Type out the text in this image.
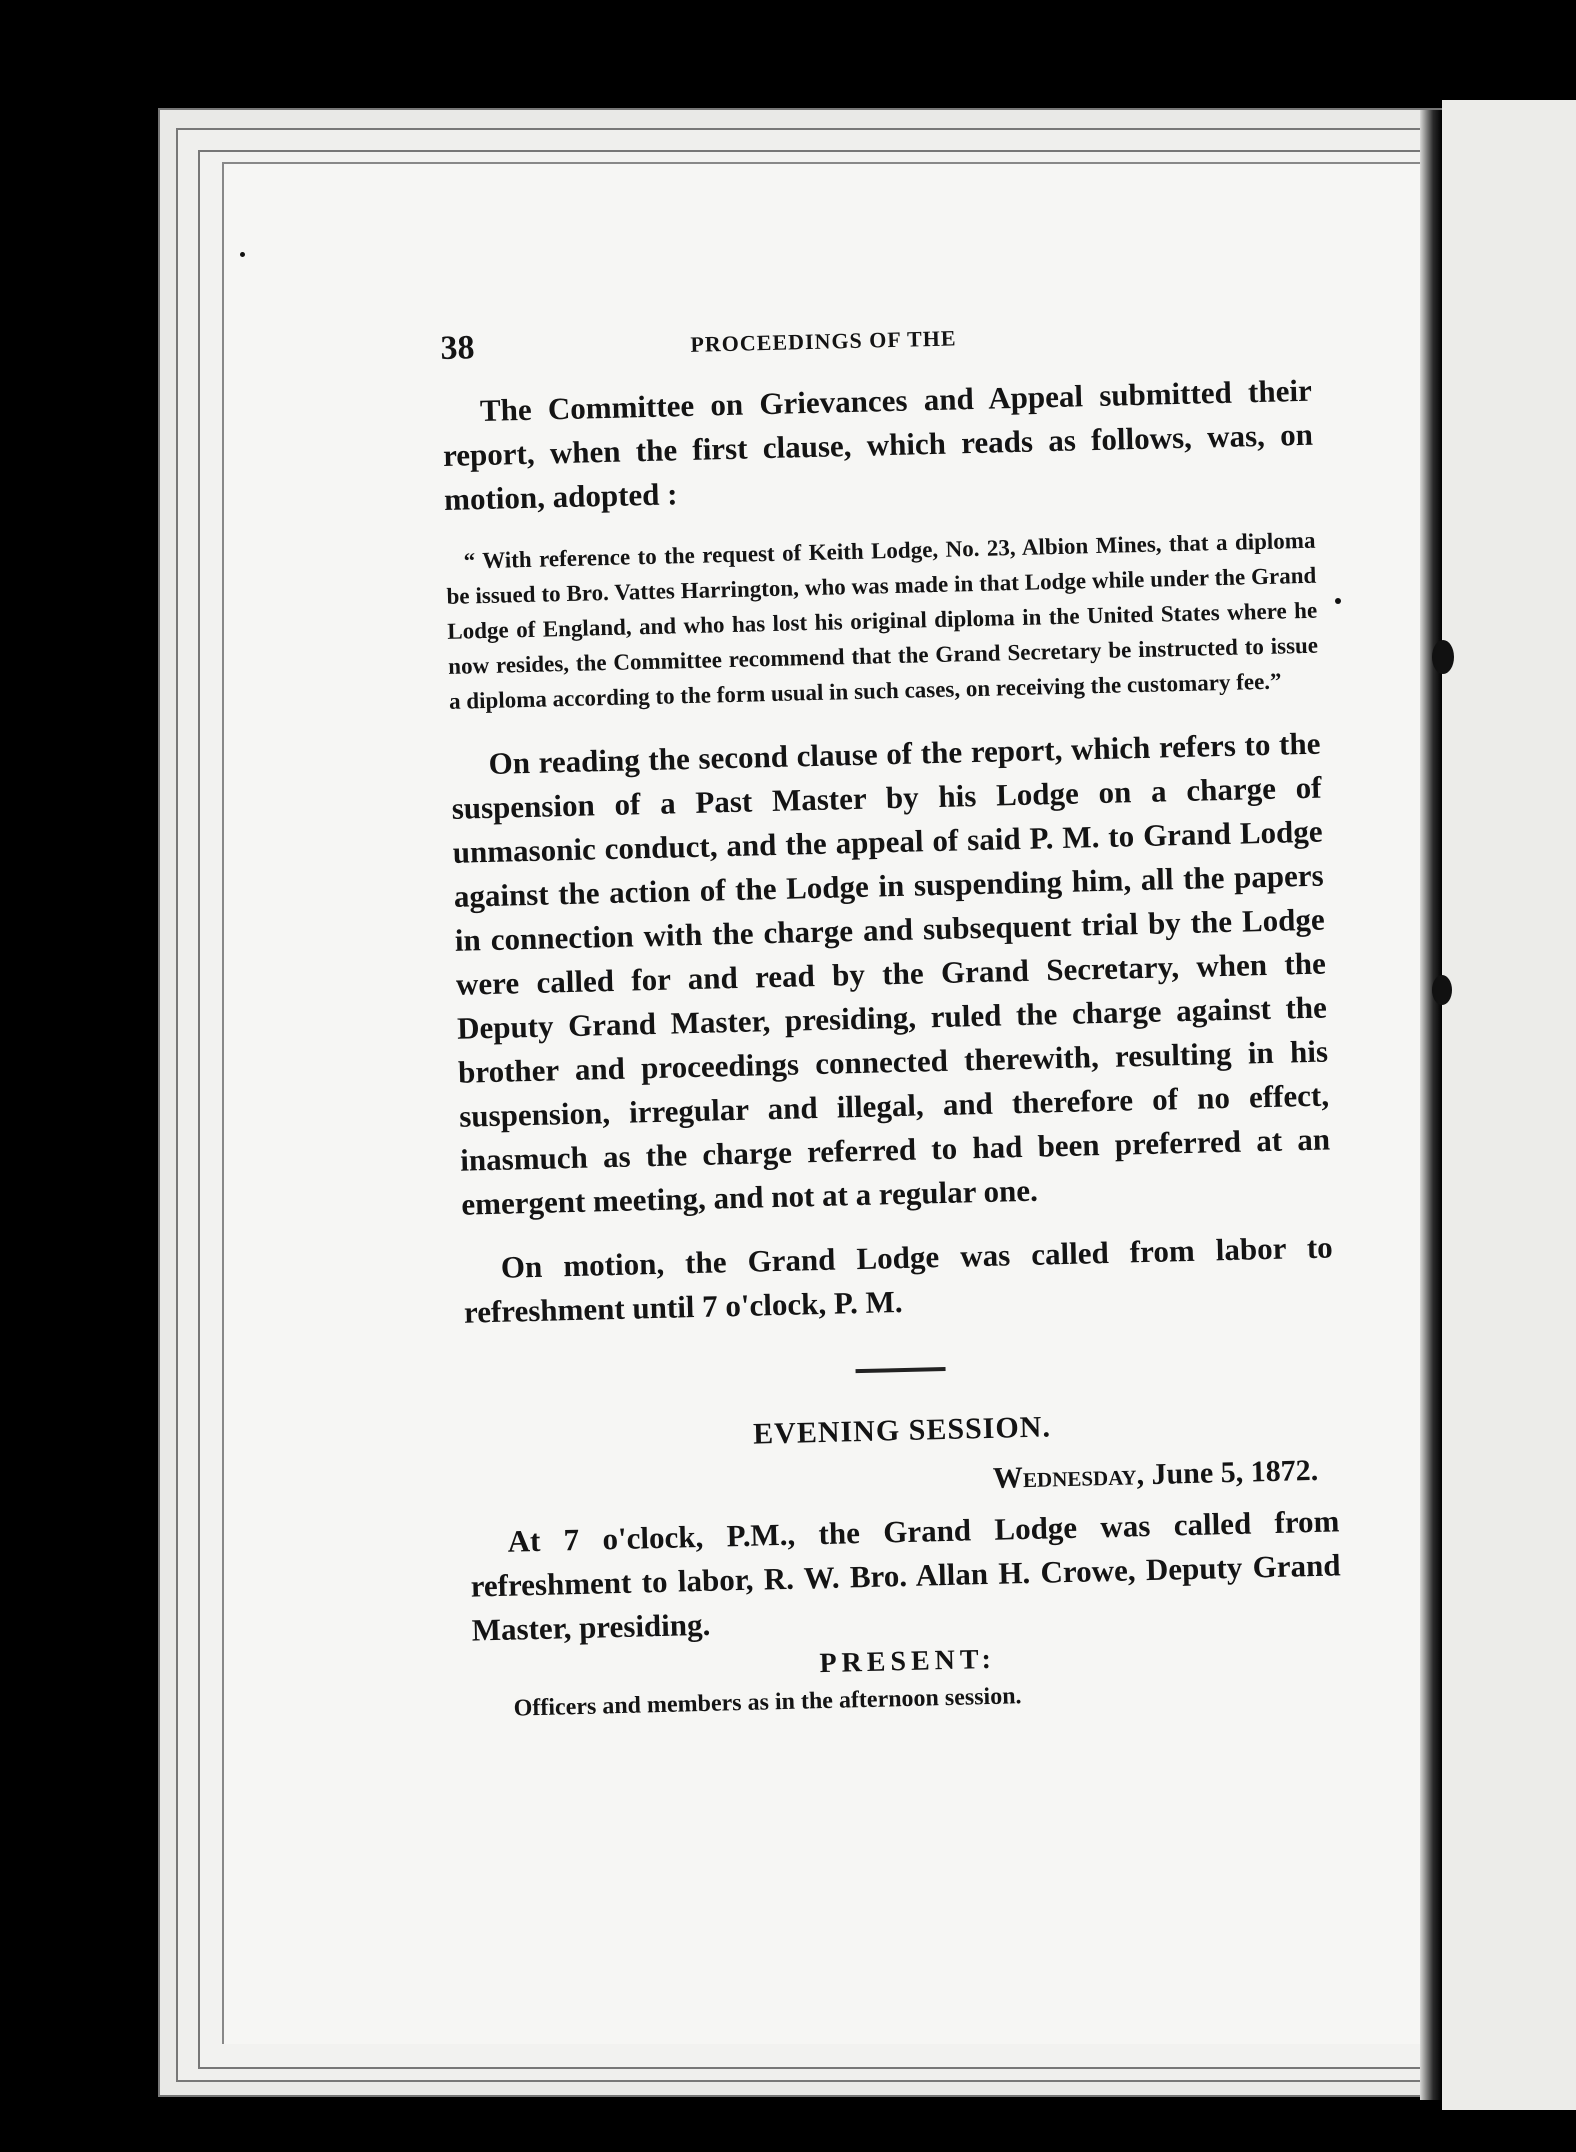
38	PROCEEDINGS OF THE

The Committee on Grievances and Appeal submitted their report, when the first clause, which reads as follows, was, on motion, adopted :

“ With reference to the request of Keith Lodge, No. 23, Albion Mines, that a diploma be issued to Bro. Vattes Harrington, who was made in that Lodge while under the Grand Lodge of England, and who has lost his original diploma in the United States where he now resides, the Committee recommend that the Grand Secretary be instructed to issue a diploma according to the form usual in such cases, on receiving the customary fee.”

On reading the second clause of the report, which refers to the suspension of a Past Master by his Lodge on a charge of unmasonic conduct, and the appeal of said P. M. to Grand Lodge against the action of the Lodge in suspending him, all the papers in connection with the charge and subsequent trial by the Lodge were called for and read by the Grand Secretary, when the Deputy Grand Master, presiding, ruled the charge against the brother and proceedings connected therewith, resulting in his suspension, irregular and illegal, and therefore of no effect, inasmuch as the charge referred to had been preferred at an emergent meeting, and not at a regular one.

On motion, the Grand Lodge was called from labor to refreshment until 7 o'clock, P. M.

EVENING SESSION.
Wednesday, June 5, 1872.

At 7 o'clock, P.M., the Grand Lodge was called from refreshment to labor, R. W. Bro. Allan H. Crowe, Deputy Grand Master, presiding.

PRESENT:
Officers and members as in the afternoon session.
